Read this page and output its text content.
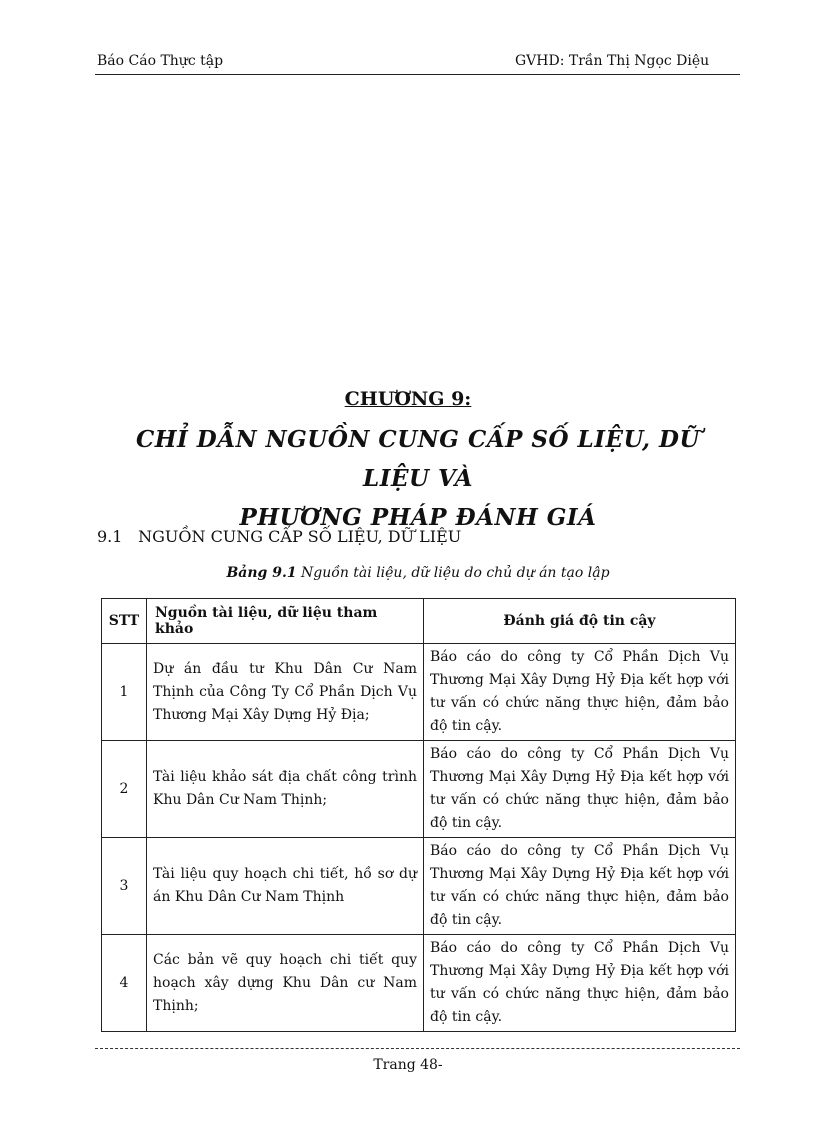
Báo Cáo Thực tập	GVHD: Trần Thị Ngọc Diệu
CHƯƠNG 9:
CHỈ DẪN NGUỒN CUNG CẤP SỐ LIỆU, DỮ LIỆU VÀ
PHƯƠNG PHÁP ĐÁNH GIÁ
9.1 NGUỒN CUNG CẤP SỐ LIỆU, DỮ LIỆU
Bảng 9.1 Nguồn tài liệu, dữ liệu do chủ dự án tạo lập
STT	Nguồn tài liệu, dữ liệu tham khảo	Đánh giá độ tin cậy
1	Dự án đầu tư Khu Dân Cư Nam Thịnh của Công Ty Cổ Phần Dịch Vụ Thương Mại Xây Dựng Hỷ Địa;	Báo cáo do công ty Cổ Phần Dịch Vụ Thương Mại Xây Dựng Hỷ Địa kết hợp với tư vấn có chức năng thực hiện, đảm bảo độ tin cậy.
2	Tài liệu khảo sát địa chất công trình Khu Dân Cư Nam Thịnh;	Báo cáo do công ty Cổ Phần Dịch Vụ Thương Mại Xây Dựng Hỷ Địa kết hợp với tư vấn có chức năng thực hiện, đảm bảo độ tin cậy.
3	Tài liệu quy hoạch chi tiết, hồ sơ dự án Khu Dân Cư Nam Thịnh	Báo cáo do công ty Cổ Phần Dịch Vụ Thương Mại Xây Dựng Hỷ Địa kết hợp với tư vấn có chức năng thực hiện, đảm bảo độ tin cậy.
4	Các bản vẽ quy hoạch chi tiết quy hoạch xây dựng Khu Dân cư Nam Thịnh;	Báo cáo do công ty Cổ Phần Dịch Vụ Thương Mại Xây Dựng Hỷ Địa kết hợp với tư vấn có chức năng thực hiện, đảm bảo độ tin cậy.
Trang 48-
